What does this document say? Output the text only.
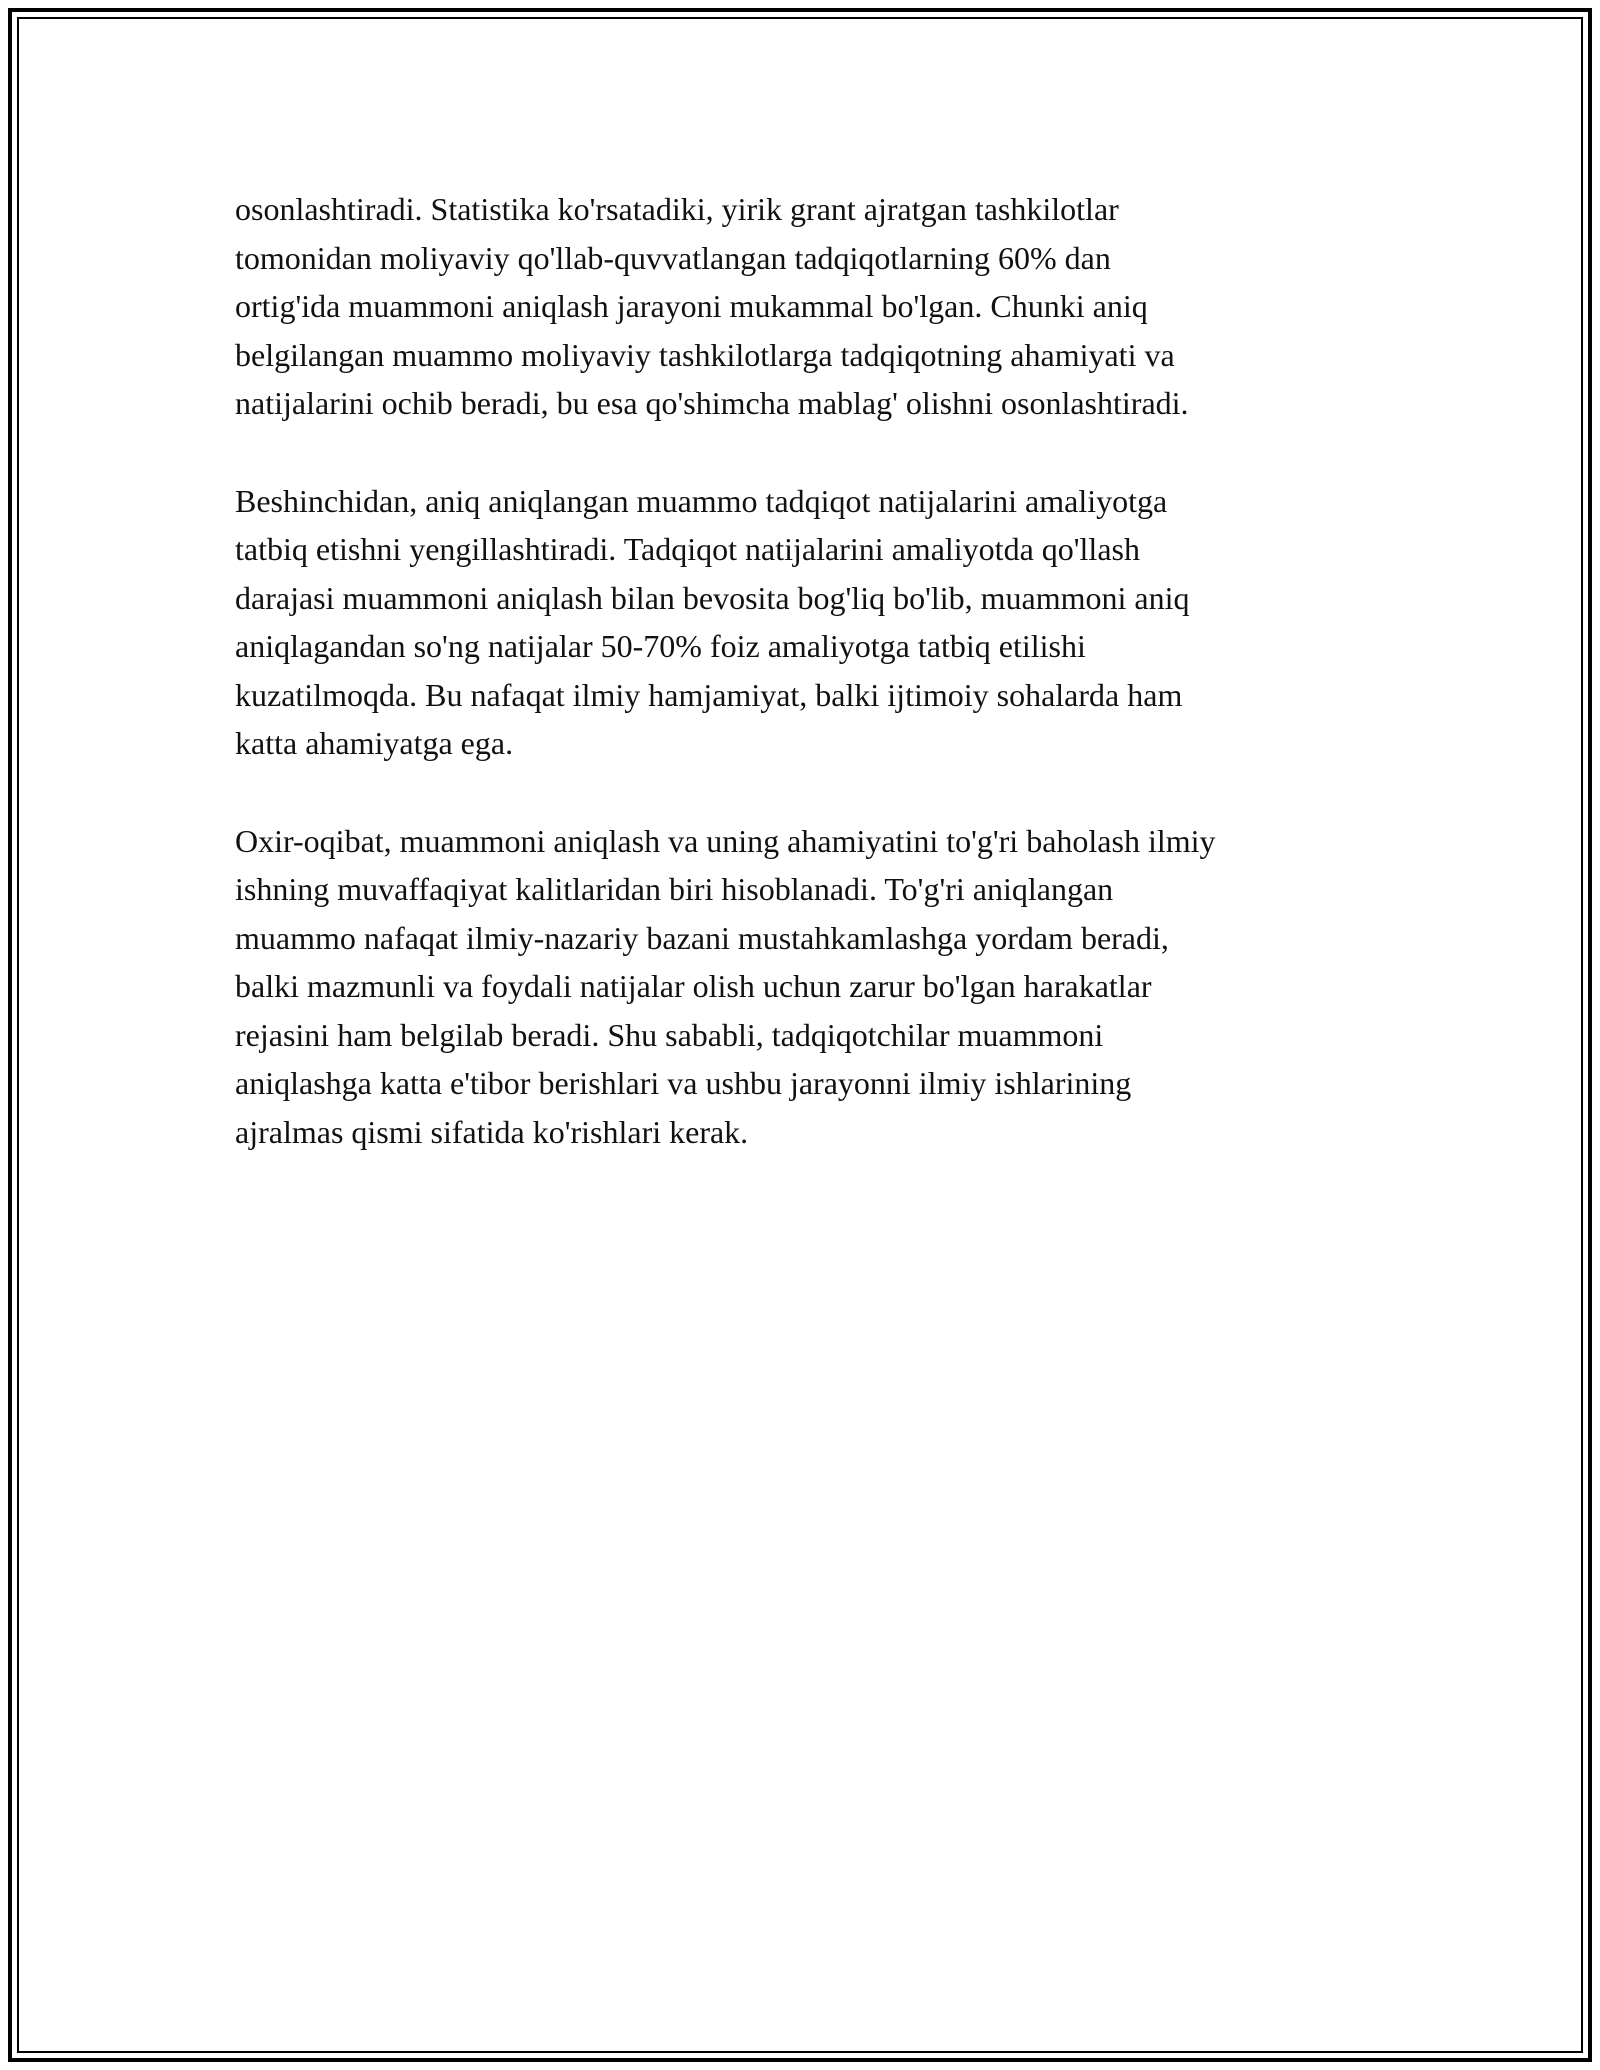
osonlashtiradi. Statistika ko'rsatadiki, yirik grant ajratgan tashkilotlar
tomonidan moliyaviy qo'llab-quvvatlangan tadqiqotlarning 60% dan
ortig'ida muammoni aniqlash jarayoni mukammal bo'lgan. Chunki aniq
belgilangan muammo moliyaviy tashkilotlarga tadqiqotning ahamiyati va
natijalarini ochib beradi, bu esa qo'shimcha mablag' olishni osonlashtiradi.

Beshinchidan, aniq aniqlangan muammo tadqiqot natijalarini amaliyotga
tatbiq etishni yengillashtiradi. Tadqiqot natijalarini amaliyotda qo'llash
darajasi muammoni aniqlash bilan bevosita bog'liq bo'lib, muammoni aniq
aniqlagandan so'ng natijalar 50-70% foiz amaliyotga tatbiq etilishi
kuzatilmoqda. Bu nafaqat ilmiy hamjamiyat, balki ijtimoiy sohalarda ham
katta ahamiyatga ega.

Oxir-oqibat, muammoni aniqlash va uning ahamiyatini to'g'ri baholash ilmiy
ishning muvaffaqiyat kalitlaridan biri hisoblanadi. To'g'ri aniqlangan
muammo nafaqat ilmiy-nazariy bazani mustahkamlashga yordam beradi,
balki mazmunli va foydali natijalar olish uchun zarur bo'lgan harakatlar
rejasini ham belgilab beradi. Shu sababli, tadqiqotchilar muammoni
aniqlashga katta e'tibor berishlari va ushbu jarayonni ilmiy ishlarining
ajralmas qismi sifatida ko'rishlari kerak.
